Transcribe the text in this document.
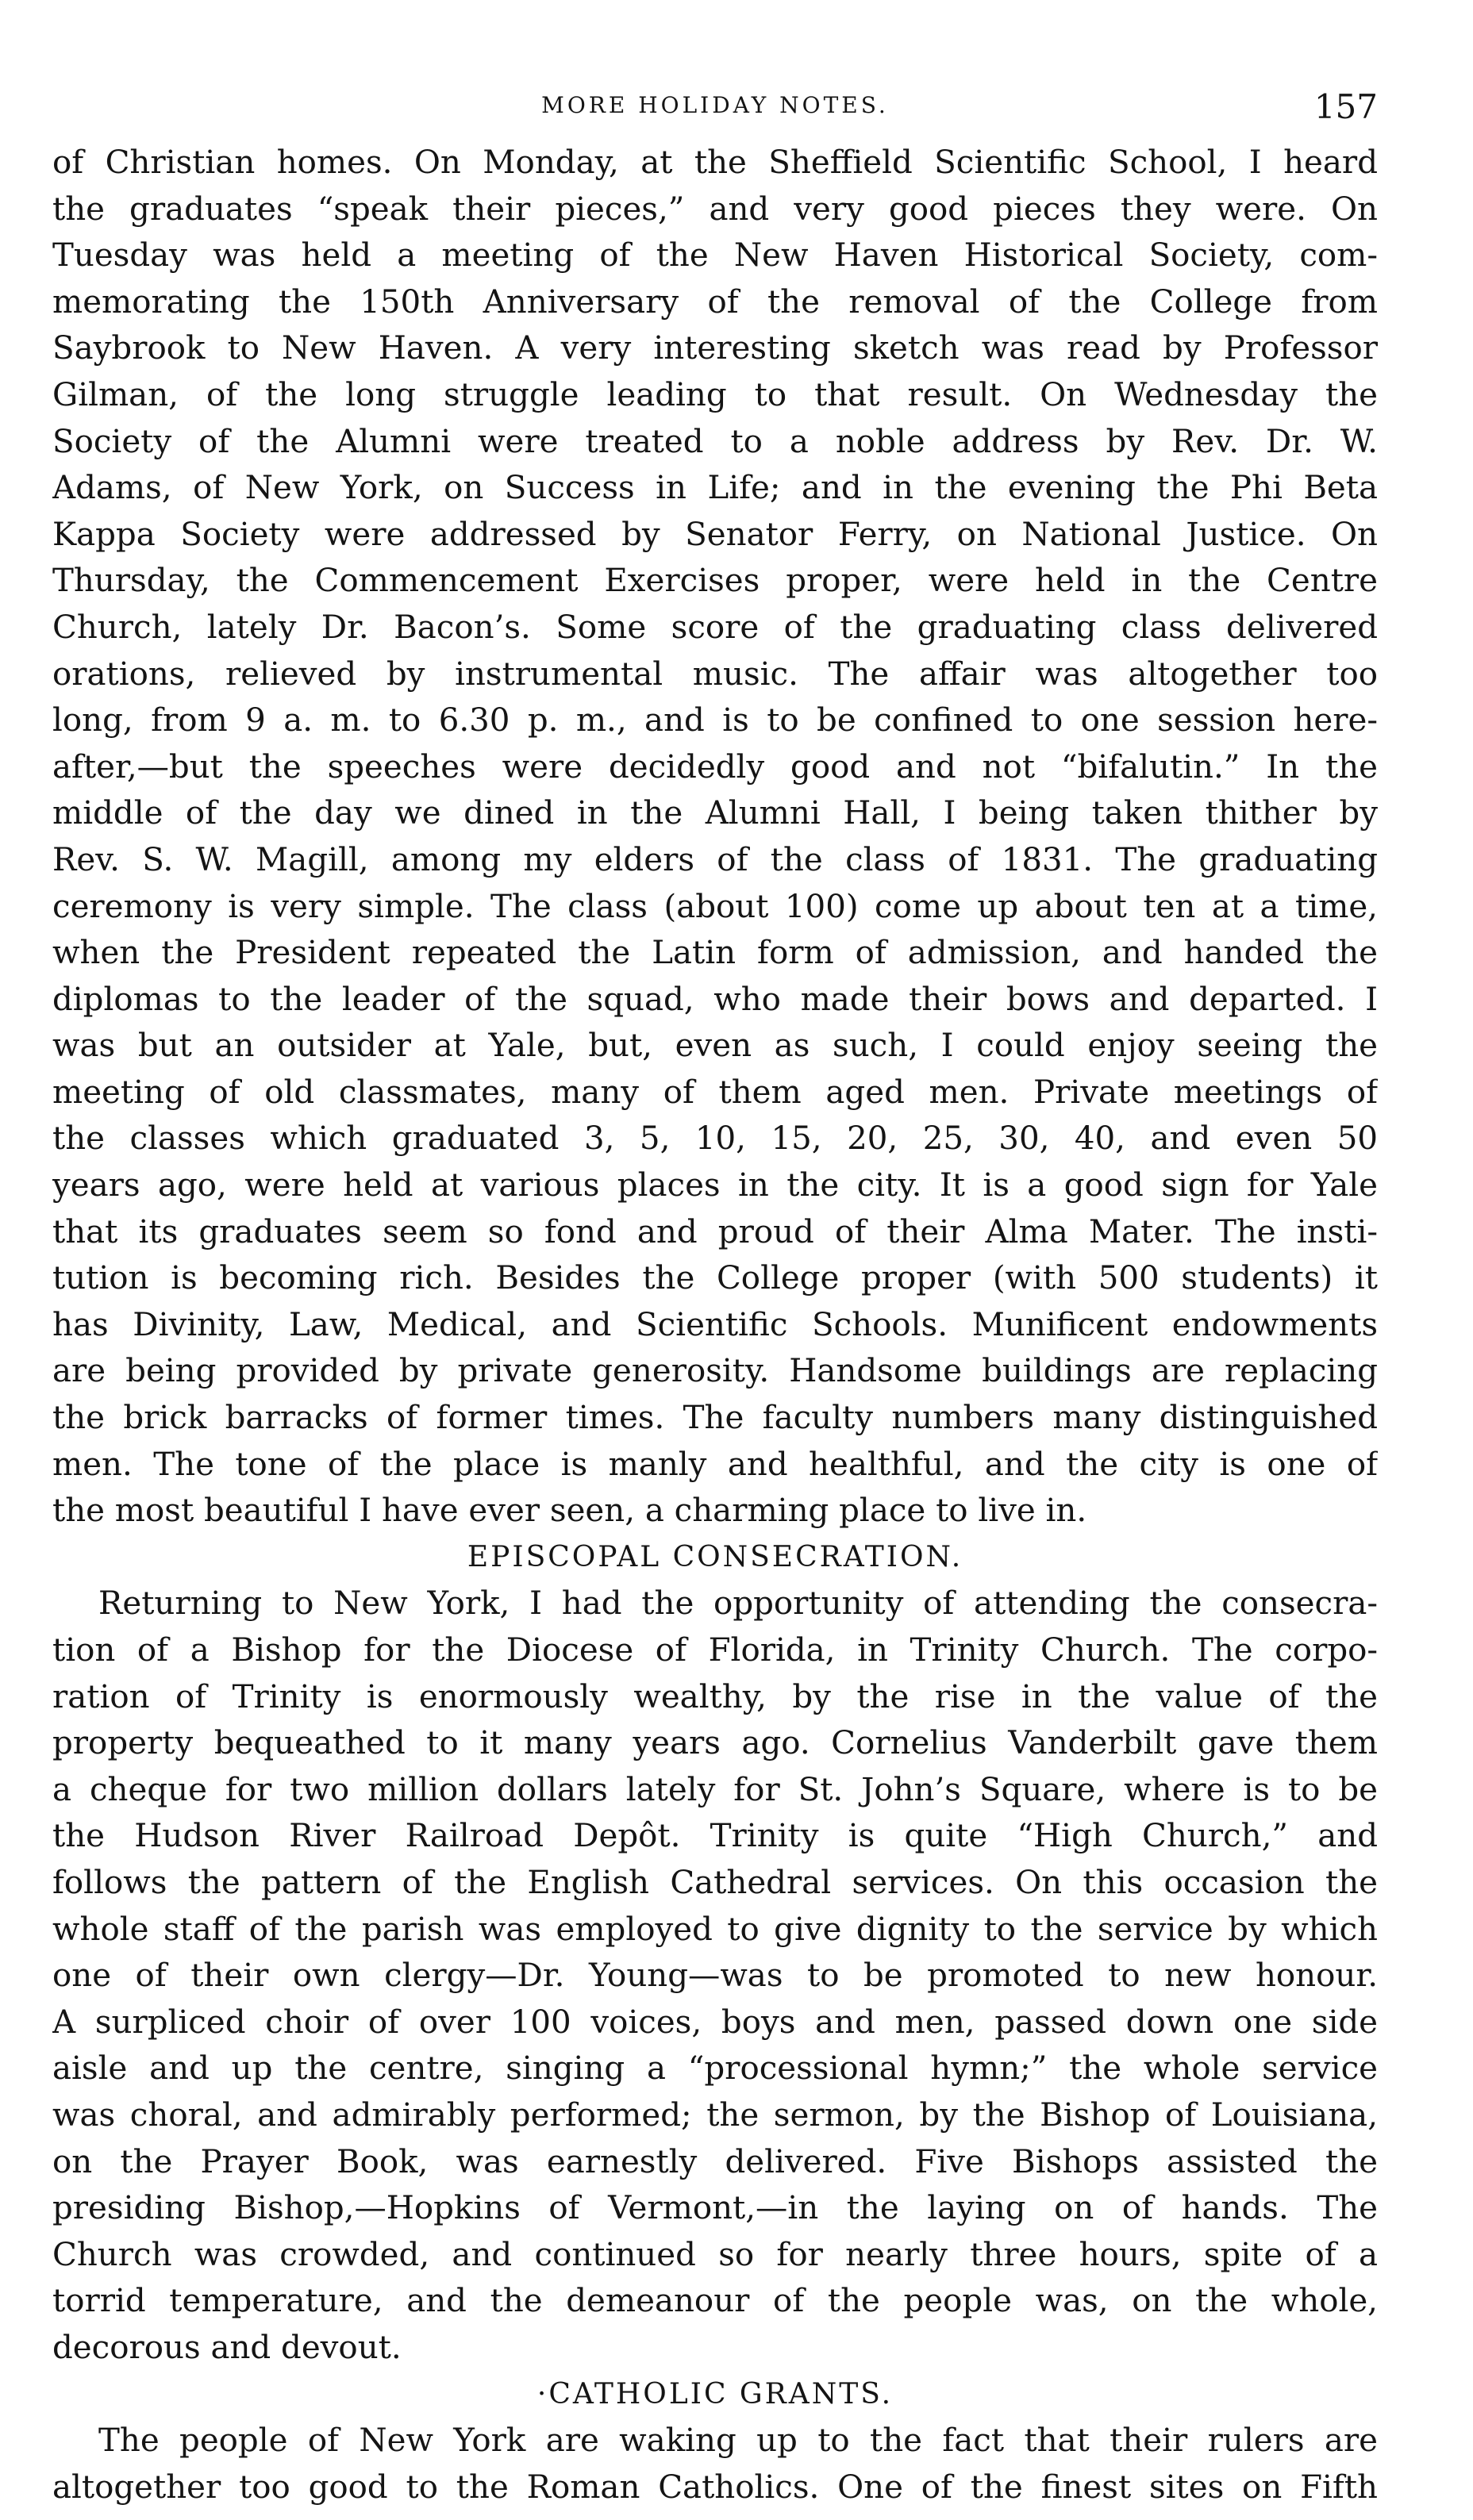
MORE HOLIDAY NOTES.	157
of Christian homes. On Monday, at the Sheffield Scientific School, I heard
the graduates “speak their pieces,” and very good pieces they were. On
Tuesday was held a meeting of the New Haven Historical Society, com-
memorating the 150th Anniversary of the removal of the College from
Saybrook to New Haven. A very interesting sketch was read by Professor
Gilman, of the long struggle leading to that result. On Wednesday the
Society of the Alumni were treated to a noble address by Rev. Dr. W.
Adams, of New York, on Success in Life; and in the evening the Phi Beta
Kappa Society were addressed by Senator Ferry, on National Justice. On
Thursday, the Commencement Exercises proper, were held in the Centre
Church, lately Dr. Bacon’s. Some score of the graduating class delivered
orations, relieved by instrumental music. The affair was altogether too
long, from 9 a. m. to 6.30 p. m., and is to be confined to one session here-
after,—but the speeches were decidedly good and not “bifalutin.” In the
middle of the day we dined in the Alumni Hall, I being taken thither by
Rev. S. W. Magill, among my elders of the class of 1831. The graduating
ceremony is very simple. The class (about 100) come up about ten at a time,
when the President repeated the Latin form of admission, and handed the
diplomas to the leader of the squad, who made their bows and departed. I
was but an outsider at Yale, but, even as such, I could enjoy seeing the
meeting of old classmates, many of them aged men. Private meetings of
the classes which graduated 3, 5, 10, 15, 20, 25, 30, 40, and even 50
years ago, were held at various places in the city. It is a good sign for Yale
that its graduates seem so fond and proud of their Alma Mater. The insti-
tution is becoming rich. Besides the College proper (with 500 students) it
has Divinity, Law, Medical, and Scientific Schools. Munificent endowments
are being provided by private generosity. Handsome buildings are replacing
the brick barracks of former times. The faculty numbers many distinguished
men. The tone of the place is manly and healthful, and the city is one of
the most beautiful I have ever seen, a charming place to live in.
EPISCOPAL CONSECRATION.
Returning to New York, I had the opportunity of attending the consecra-
tion of a Bishop for the Diocese of Florida, in Trinity Church. The corpo-
ration of Trinity is enormously wealthy, by the rise in the value of the
property bequeathed to it many years ago. Cornelius Vanderbilt gave them
a cheque for two million dollars lately for St. John’s Square, where is to be
the Hudson River Railroad Depôt. Trinity is quite “High Church,” and
follows the pattern of the English Cathedral services. On this occasion the
whole staff of the parish was employed to give dignity to the service by which
one of their own clergy—Dr. Young—was to be promoted to new honour.
A surpliced choir of over 100 voices, boys and men, passed down one side
aisle and up the centre, singing a “processional hymn;” the whole service
was choral, and admirably performed; the sermon, by the Bishop of Louisiana,
on the Prayer Book, was earnestly delivered. Five Bishops assisted the
presiding Bishop,—Hopkins of Vermont,—in the laying on of hands. The
Church was crowded, and continued so for nearly three hours, spite of a
torrid temperature, and the demeanour of the people was, on the whole,
decorous and devout.
·CATHOLIC GRANTS.
The people of New York are waking up to the fact that their rulers are
altogether too good to the Roman Catholics. One of the finest sites on Fifth
